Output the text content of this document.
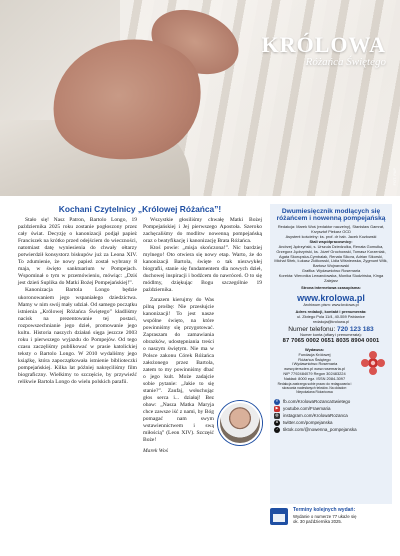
KRÓLOWA
Różańca Świętego
FOT. PAP
Kochani Czytelnicy „Królowej Różańca”!

Stało się! Nasz Patron, Bartolo Longo, 19 października 2025 roku zostanie pogłoszony przez cały świat. Decyzję o kanonizacji podjął papież Franciszek na krótko przed odejściem do wieczności, natomiast datę wyniesienia do chwały ołtarzy potwierdził konsystorz biskupów już za Leona XIV. To zdumienie, że nowy papież został wybrany 8 maja, w święto sanktuarium w Pompejach. Wspominał o tym w przemówieniu, mówiąc: „Dziś jest dzień Suplika do Matki Bożej Pompejańskiej!”.

Kanonizacja Bartola Longo będzie ukoronowaniem jego wspaniałego dziedzictwa. Mamy w nim swój mały udział. Od samego początku istnienia „Królowej Różańca Świętego” kładliśmy nacisk na prezentowanie tej postaci, rozpowszechnianie jego dzieł, promowanie jego kultu. Historia naszych działań sięga jeszcze 2003 roku i pierwszego wyjazdu do Pompejów. Od tego czasu zaczęliśmy publikować w prasie katolickiej teksty o Bartolo Longo. W 2010 wydaliśmy jego książkę, która zapoczątkowała istnienie biblioteczki pompejańskiej. Kilka lat później nakręciliśmy film biograficzny. Wielkimy to szczęście, by przywieźć relikwie Bartola Longo do wielu polskich parafii.

Wszystkie głosiliśmy chwałę Matki Bożej Pompejańskiej i Jej pierwszego Apostoła. Szeroko zachęcaliśmy do modlitw nowenną pompejańską oraz o beatyfikację i kanonizację Brata Różańca.

Ktoś powie: „misja skończona!”. Nic bardziej mylnego! Oto otwiera się nowy etap. Warto, że do kanonizacji Bartola, święte o tak niezwykłej biografii, stanie się fundamentem dla nowych dzieł, duchowej inspiracji i bodźcem do nawróceń. O to się módlmy, dziękując Bogu szczególnie 19 października.

Zarazem kierujmy do Was pilną prośbę: Nie przesłujcie kanonizacji! To jest nasze wspólne święto, na które powinniśmy się przygotować. Zapraszam do zamawiania obrazków, udostępniania treści o naszym świętym. Nie ma w Polsce zakonu Córek Różańca założonego przez Bartola, zatem to my powinniśmy dbać o jego kult. Może zadajcie sobie pytanie: „Jakie to się stanie?”. Zaufaj, wsłuchując głos serca i... działaj! Bez obaw: „Nasza Matka Maryja chce zawsze iść z nami, by Bóg pomagać nam swym wstawiennictwem i swą miłością” (Leon XIV). Szczęść Boże!

Marek Woś

Dwumiesięcznik modlących się różańcem i nowenną pompejańską
Redakcja: Marek Woś (redaktor naczelny), Stanisław Gamrat, Krzysztof Piekarz OCD
Asystent kościelny: ks. prof. dr hab. Jacek Kozłowski
Stali współpracownicy:
Andrzej Jędrzyński, s. Urszula Dziedzulka, Renata Gomułka, Grzegorz Jędrzyński, ks. Józef Grochowski, Tomasz Korzeniak, Agata Skorupska-Cymbalak, Renata Sikora, Adrian Sikorski, Michał Sitek, Łukasz Ziółkowski, Lidia Wiśniewska, Zygmunt Wilk, Bartosz Wojnarowski
Grafika: Wydawnictwo Rosemaria
Korekta: Weronika Lewandowska, Monika Siudzińska, Kinga Zalejarz
Strona internetowa czasopisma:
www.krolowa.pl
Archiwum pism: www.krolowa.pl
Adres redakcji, kontakt i prenumerata:
ul. Złotego Pola 11/4, 40-559 Pabianice
redakcja@krolowa.pl
Numer telefonu: 720 123 183
Numer konta (ofiary i prenumerata):
87 7065 0002 0651 8035 8904 0001
Wydawca:
Fundacja Królowej
Różańca Świętego
i Wydawnictwo Rosemaria
www.pierscien.pl www.rosemaria.pl
NIP 7792484079 Regon 302483224
Nakład: 8000 egz. ISSN 2084-3097
Redakcja zastrzega sobie prawo do redagowania i skracania nadesłanych tekstów. Na okładce: Niepokalana Różańcowa
f	fb.com/KrolowaRozancaSwietego
▶	youtube.com/Fraemaria
◎ instagram.com/KrolowaRozanca
X	twitter.com/pompejanska
♪	tiktok.com/@nowenna_pompejanska
Terminy kolejnych wydań:
Wydanie o numerze 77 ukaże się
ok. 30 października 2025.
